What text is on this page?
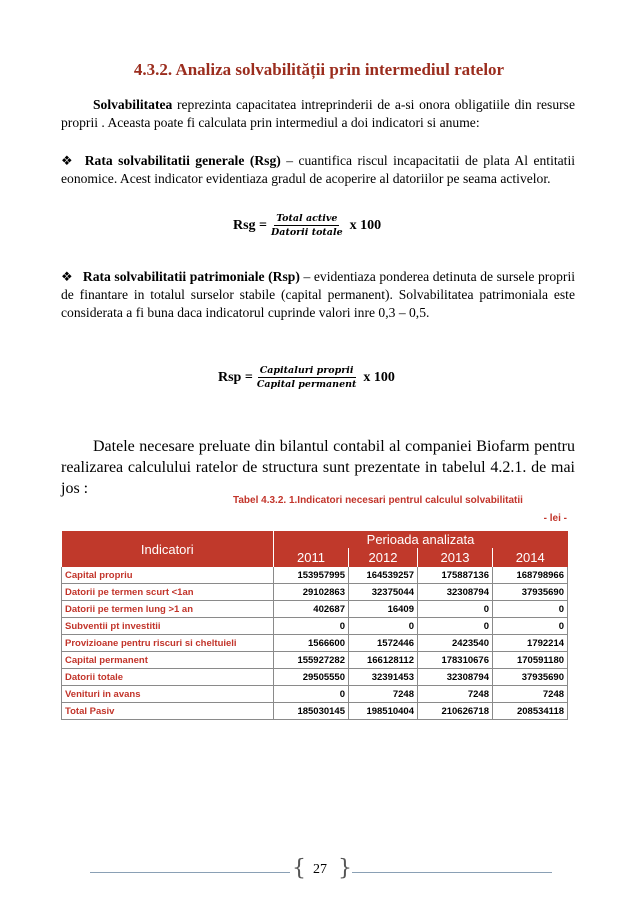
4.3.2. Analiza solvabilității prin intermediul ratelor
Solvabilitatea reprezinta capacitatea intreprinderii de a-si onora obligatiile din resurse proprii . Aceasta poate fi calculata prin intermediul a doi indicatori si anume:
❖ Rata solvabilitatii generale (Rsg) – cuantifica riscul incapacitatii de plata Al entitatii eonomice. Acest indicator evidentiaza gradul de acoperire al datoriilor pe seama activelor.
Rsg = $\frac{\text{Total active}}{\text{Datorii totale}}$ x 100
❖ Rata solvabilitatii patrimoniale (Rsp) – evidentiaza ponderea detinuta de sursele proprii de finantare in totalul surselor stabile (capital permanent). Solvabilitatea patrimoniala este considerata a fi buna daca indicatorul cuprinde valori inre 0,3 – 0,5.
Rsp = $\frac{\text{Capitaluri proprii}}{\text{Capital permanent}}$ x 100
Datele necesare preluate din bilantul contabil al companiei Biofarm pentru realizarea calculului ratelor de structura sunt prezentate in tabelul 4.2.1. de mai jos :
Tabel 4.3.2. 1.Indicatori necesari pentrul calculul solvabilitatii
- lei -
Indicatori	Perioada analizata			
	2011	2012	2013	2014
Capital propriu	153957995	164539257	175887136	168798966
Datorii pe termen scurt <1an	29102863	32375044	32308794	37935690
Datorii pe termen lung >1 an	402687	16409	0	0
Subventii pt investitii	0	0	0	0
Provizioane pentru riscuri si cheltuieli	1566600	1572446	2423540	1792214
Capital permanent	155927282	166128112	178310676	170591180
Datorii totale	29505550	32391453	32308794	37935690
Venituri in avans	0	7248	7248	7248
Total Pasiv	185030145	198510404	210626718	208534118
{ 27 }
